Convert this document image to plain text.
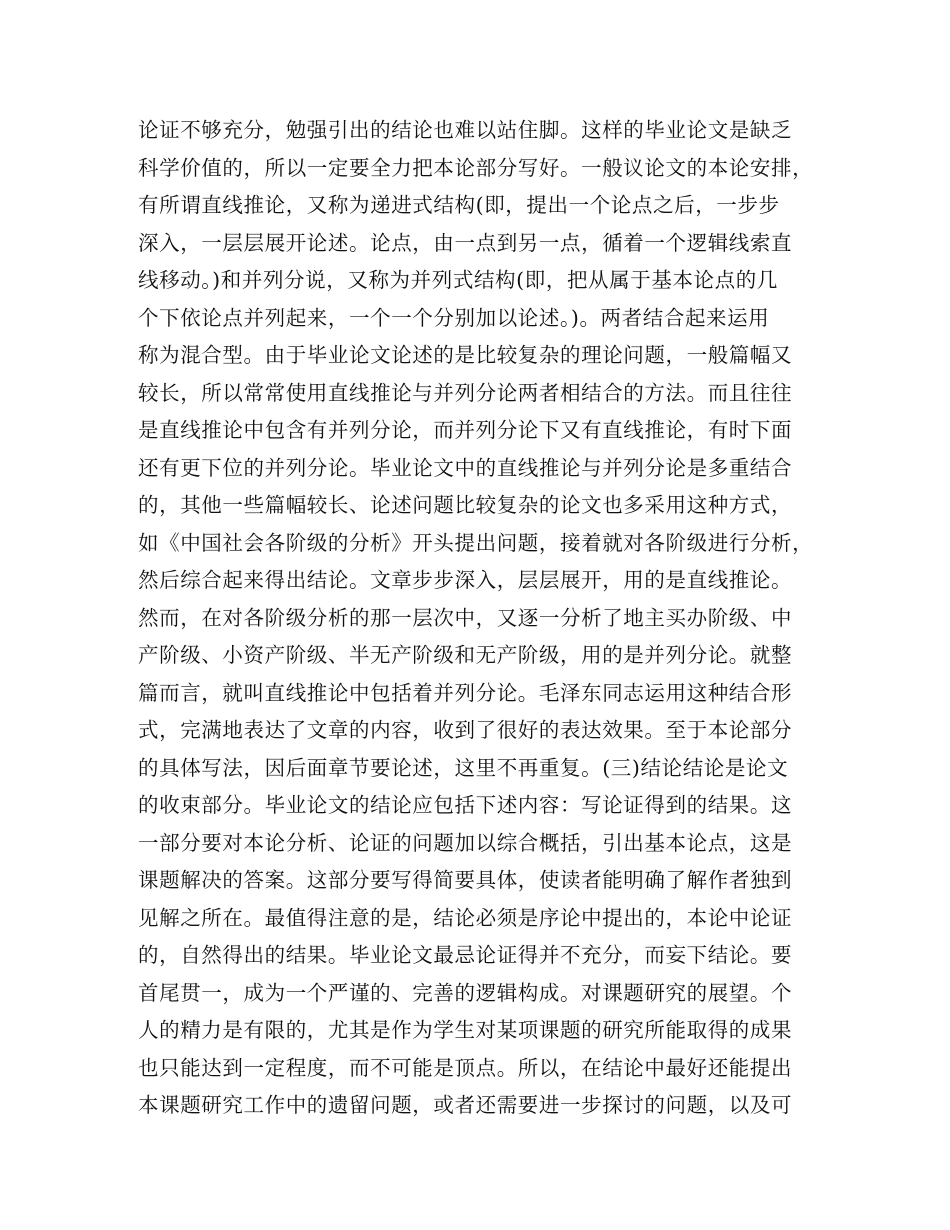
论证不够充分，勉强引出的结论也难以站住脚。这样的毕业论文是缺乏
科学价值的，所以一定要全力把本论部分写好。一般议论文的本论安排，
有所谓直线推论，又称为递进式结构(即，提出一个论点之后，一步步
深入，一层层展开论述。论点，由一点到另一点，循着一个逻辑线索直
线移动。)和并列分说，又称为并列式结构(即，把从属于基本论点的几
个下依论点并列起来，一个一个分别加以论述。)。两者结合起来运用
称为混合型。由于毕业论文论述的是比较复杂的理论问题，一般篇幅又
较长，所以常常使用直线推论与并列分论两者相结合的方法。而且往往
是直线推论中包含有并列分论，而并列分论下又有直线推论，有时下面
还有更下位的并列分论。毕业论文中的直线推论与并列分论是多重结合
的，其他一些篇幅较长、论述问题比较复杂的论文也多采用这种方式，
如《中国社会各阶级的分析》开头提出问题，接着就对各阶级进行分析，
然后综合起来得出结论。文章步步深入，层层展开，用的是直线推论。
然而，在对各阶级分析的那一层次中，又逐一分析了地主买办阶级、中
产阶级、小资产阶级、半无产阶级和无产阶级，用的是并列分论。就整
篇而言，就叫直线推论中包括着并列分论。毛泽东同志运用这种结合形
式，完满地表达了文章的内容，收到了很好的表达效果。至于本论部分
的具体写法，因后面章节要论述，这里不再重复。(三)结论结论是论文
的收束部分。毕业论文的结论应包括下述内容：写论证得到的结果。这
一部分要对本论分析、论证的问题加以综合概括，引出基本论点，这是
课题解决的答案。这部分要写得简要具体，使读者能明确了解作者独到
见解之所在。最值得注意的是，结论必须是序论中提出的，本论中论证
的，自然得出的结果。毕业论文最忌论证得并不充分，而妄下结论。要
首尾贯一，成为一个严谨的、完善的逻辑构成。对课题研究的展望。个
人的精力是有限的，尤其是作为学生对某项课题的研究所能取得的成果
也只能达到一定程度，而不可能是顶点。所以，在结论中最好还能提出
本课题研究工作中的遗留问题，或者还需要进一步探讨的问题，以及可
